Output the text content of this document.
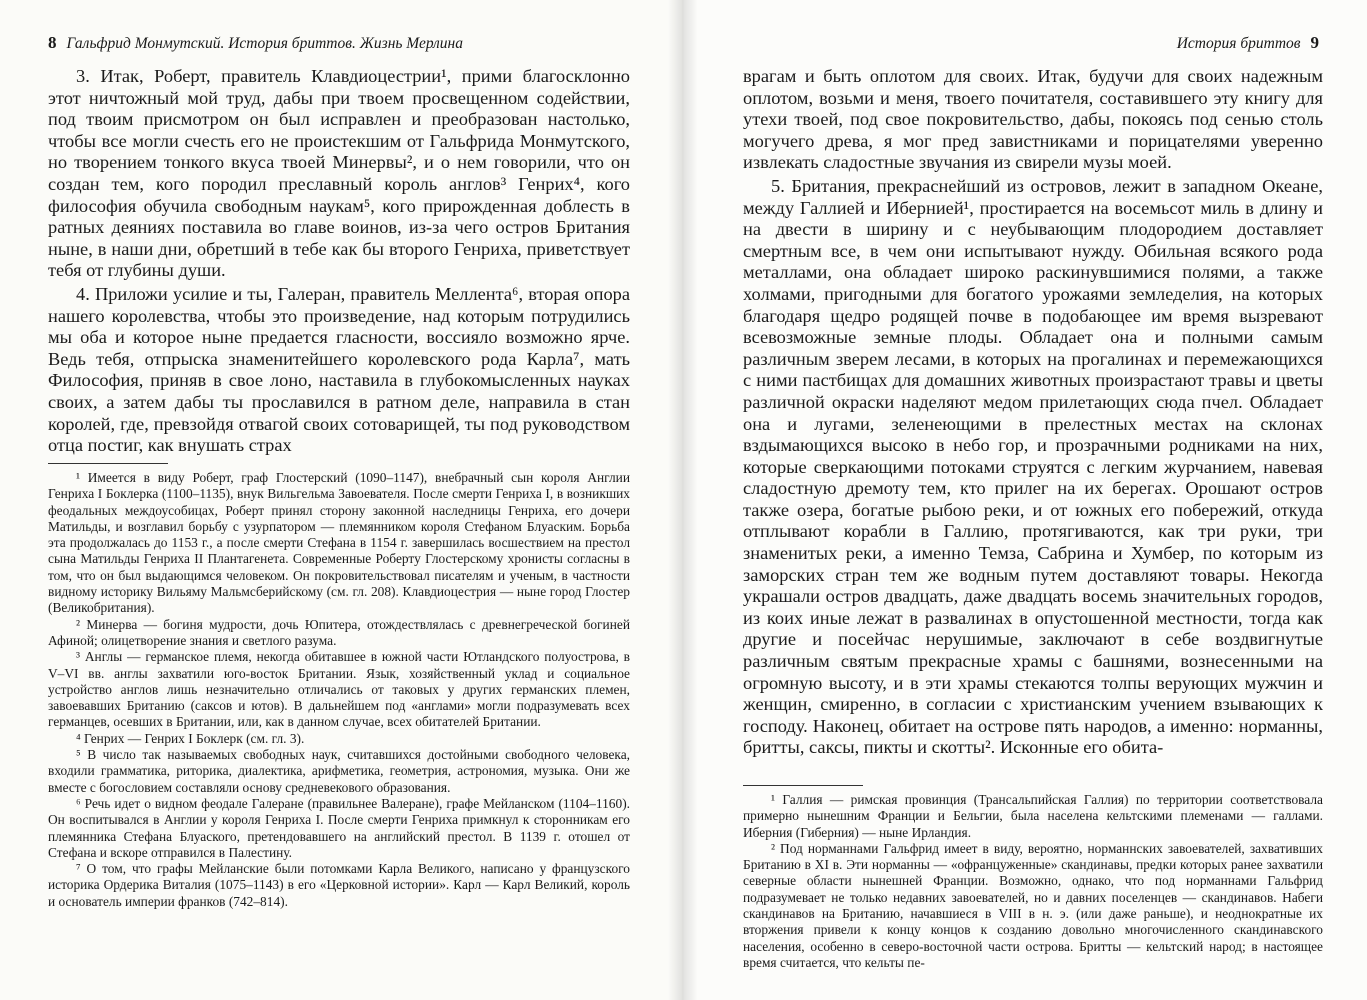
8 Гальфрид Монмутский. История бриттов. Жизнь Мерлина

3. Итак, Роберт, правитель Клавдиоцестрии¹, прими благосклонно этот ничтожный мой труд, дабы при твоем просвещенном содействии, под твоим присмотром он был исправлен и преобразован настолько, чтобы все могли счесть его не проистекшим от Гальфрида Монмутского, но творением тонкого вкуса твоей Минервы², и о нем говорили, что он создан тем, кого породил преславный король англов³ Генрих⁴, кого философия обучила свободным наукам⁵, кого прирожденная доблесть в ратных деяниях поставила во главе воинов, из-за чего остров Британия ныне, в наши дни, обретший в тебе как бы второго Генриха, приветствует тебя от глубины души.

4. Приложи усилие и ты, Галеран, правитель Меллента⁶, вторая опора нашего королевства, чтобы это произведение, над которым потрудились мы оба и которое ныне предается гласности, воссияло возможно ярче. Ведь тебя, отпрыска знаменитейшего королевского рода Карла⁷, мать Философия, приняв в свое лоно, наставила в глубокомысленных науках своих, а затем дабы ты прославился в ратном деле, направила в стан королей, где, превзойдя отвагой своих сотоварищей, ты под руководством отца постиг, как внушать страх

¹ Имеется в виду Роберт, граф Глостерский (1090–1147), внебрачный сын короля Англии Генриха I Боклерка (1100–1135), внук Вильгельма Завоевателя. После смерти Генриха I, в возникших феодальных междоусобицах, Роберт принял сторону законной наследницы Генриха, его дочери Матильды, и возглавил борьбу с узурпатором — племянником короля Стефаном Блуаским. Борьба эта продолжалась до 1153 г., а после смерти Стефана в 1154 г. завершилась восшествием на престол сына Матильды Генриха II Плантагенета. Современные Роберту Глостерскому хронисты согласны в том, что он был выдающимся человеком. Он покровительствовал писателям и ученым, в частности видному историку Вильяму Мальмсберийскому (см. гл. 208). Клавдиоцестрия — ныне город Глостер (Великобритания).

² Минерва — богиня мудрости, дочь Юпитера, отождествлялась с древнегреческой богиней Афиной; олицетворение знания и светлого разума.

³ Англы — германское племя, некогда обитавшее в южной части Ютландского полуострова, в V–VI вв. англы захватили юго-восток Британии. Язык, хозяйственный уклад и социальное устройство англов лишь незначительно отличались от таковых у других германских племен, завоевавших Британию (саксов и ютов). В дальнейшем под «англами» могли подразумевать всех германцев, осевших в Британии, или, как в данном случае, всех обитателей Британии.

⁴ Генрих — Генрих I Боклерк (см. гл. 3).

⁵ В число так называемых свободных наук, считавшихся достойными свободного человека, входили грамматика, риторика, диалектика, арифметика, геометрия, астрономия, музыка. Они же вместе с богословием составляли основу средневекового образования.

⁶ Речь идет о видном феодале Галеране (правильнее Валеране), графе Мейланском (1104–1160). Он воспитывался в Англии у короля Генриха I. После смерти Генриха примкнул к сторонникам его племянника Стефана Блуаского, претендовавшего на английский престол. В 1139 г. отошел от Стефана и вскоре отправился в Палестину.

⁷ О том, что графы Мейланские были потомками Карла Великого, написано у французского историка Ордерика Виталия (1075–1143) в его «Церковной истории». Карл — Карл Великий, король и основатель империи франков (742–814).

История бриттов 9

врагам и быть оплотом для своих. Итак, будучи для своих надежным оплотом, возьми и меня, твоего почитателя, составившего эту книгу для утехи твоей, под свое покровительство, дабы, покоясь под сенью столь могучего древа, я мог пред завистниками и порицателями уверенно извлекать сладостные звучания из свирели музы моей.

5. Британия, прекраснейший из островов, лежит в западном Океане, между Галлией и Ибернией¹, простирается на восемьсот миль в длину и на двести в ширину и с неубывающим плодородием доставляет смертным все, в чем они испытывают нужду. Обильная всякого рода металлами, она обладает широко раскинувшимися полями, а также холмами, пригодными для богатого урожаями земледелия, на которых благодаря щедро родящей почве в подобающее им время вызревают всевозможные земные плоды. Обладает она и полными самым различным зверем лесами, в которых на прогалинах и перемежающихся с ними пастбищах для домашних животных произрастают травы и цветы различной окраски наделяют медом прилетающих сюда пчел. Обладает она и лугами, зеленеющими в прелестных местах на склонах вздымающихся высоко в небо гор, и прозрачными родниками на них, которые сверкающими потоками струятся с легким журчанием, навевая сладостную дремоту тем, кто прилег на их берегах. Орошают остров также озера, богатые рыбою реки, и от южных его побережий, откуда отплывают корабли в Галлию, протягиваются, как три руки, три знаменитых реки, а именно Темза, Сабрина и Хумбер, по которым из заморских стран тем же водным путем доставляют товары. Некогда украшали остров двадцать, даже двадцать восемь значительных городов, из коих иные лежат в развалинах в опустошенной местности, тогда как другие и посейчас нерушимые, заключают в себе воздвигнутые различным святым прекрасные храмы с башнями, вознесенными на огромную высоту, и в эти храмы стекаются толпы верующих мужчин и женщин, смиренно, в согласии с христианским учением взывающих к господу. Наконец, обитает на острове пять народов, а именно: норманны, бритты, саксы, пикты и скотты². Исконные его обита-

¹ Галлия — римская провинция (Трансальпийская Галлия) по территории соответствовала примерно нынешним Франции и Бельгии, была населена кельтскими племенами — галлами. Иберния (Гиберния) — ныне Ирландия.

² Под норманнами Гальфрид имеет в виду, вероятно, норманнских завоевателей, захвативших Британию в XI в. Эти норманны — «офранцуженные» скандинавы, предки которых ранее захватили северные области нынешней Франции. Возможно, однако, что под норманнами Гальфрид подразумевает не только недавних завоевателей, но и давних поселенцев — скандинавов. Набеги скандинавов на Британию, начавшиеся в VIII в н. э. (или даже раньше), и неоднократные их вторжения привели к концу концов к созданию довольно многочисленного скандинавского населения, особенно в северо-восточной части острова. Бритты — кельтский народ; в настоящее время считается, что кельты пе-
